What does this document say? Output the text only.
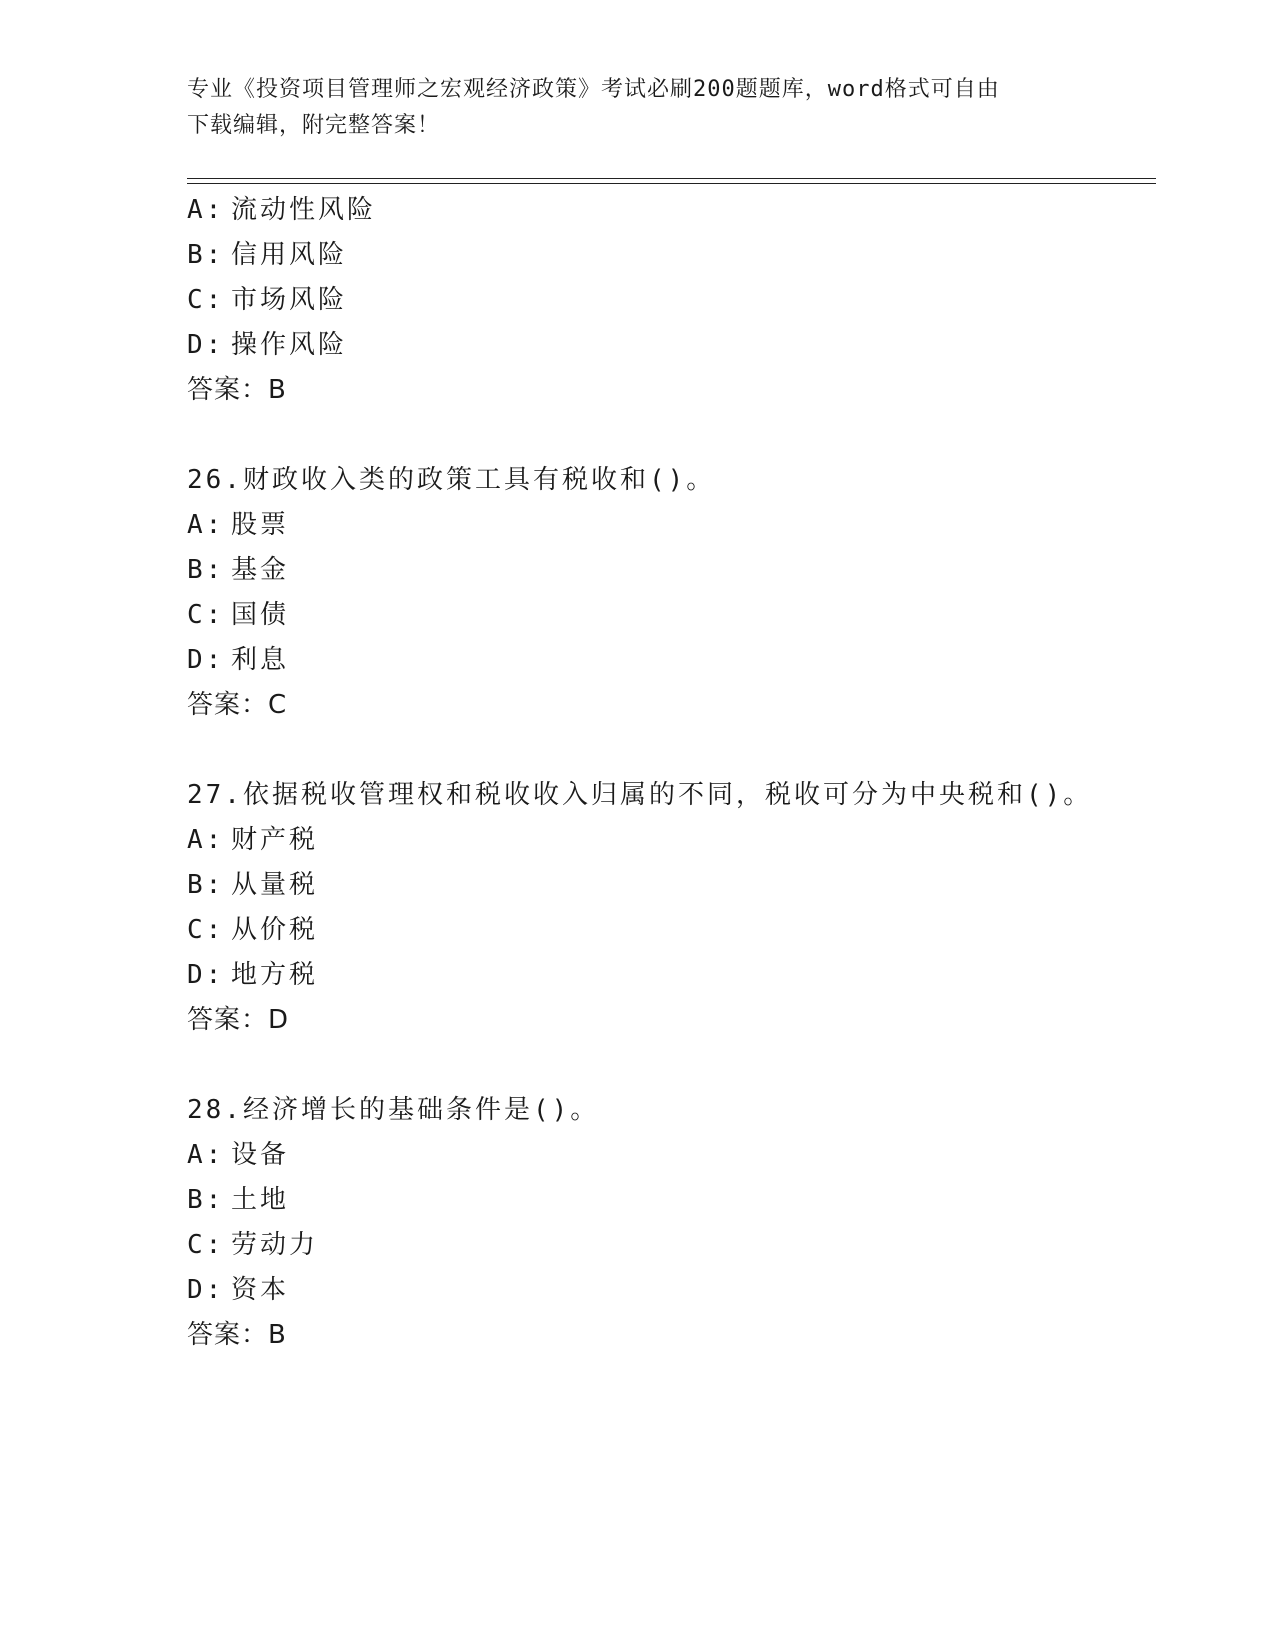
专业《投资项目管理师之宏观经济政策》考试必刷200题题库，word格式可自由
下载编辑，附完整答案！
A: 流动性风险
B: 信用风险
C: 市场风险
D: 操作风险
答案：B
26.财政收入类的政策工具有税收和()。
A: 股票
B: 基金
C: 国债
D: 利息
答案：C
27.依据税收管理权和税收收入归属的不同，税收可分为中央税和()。
A: 财产税
B: 从量税
C: 从价税
D: 地方税
答案：D
28.经济增长的基础条件是()。
A: 设备
B: 土地
C: 劳动力
D: 资本
答案：B
